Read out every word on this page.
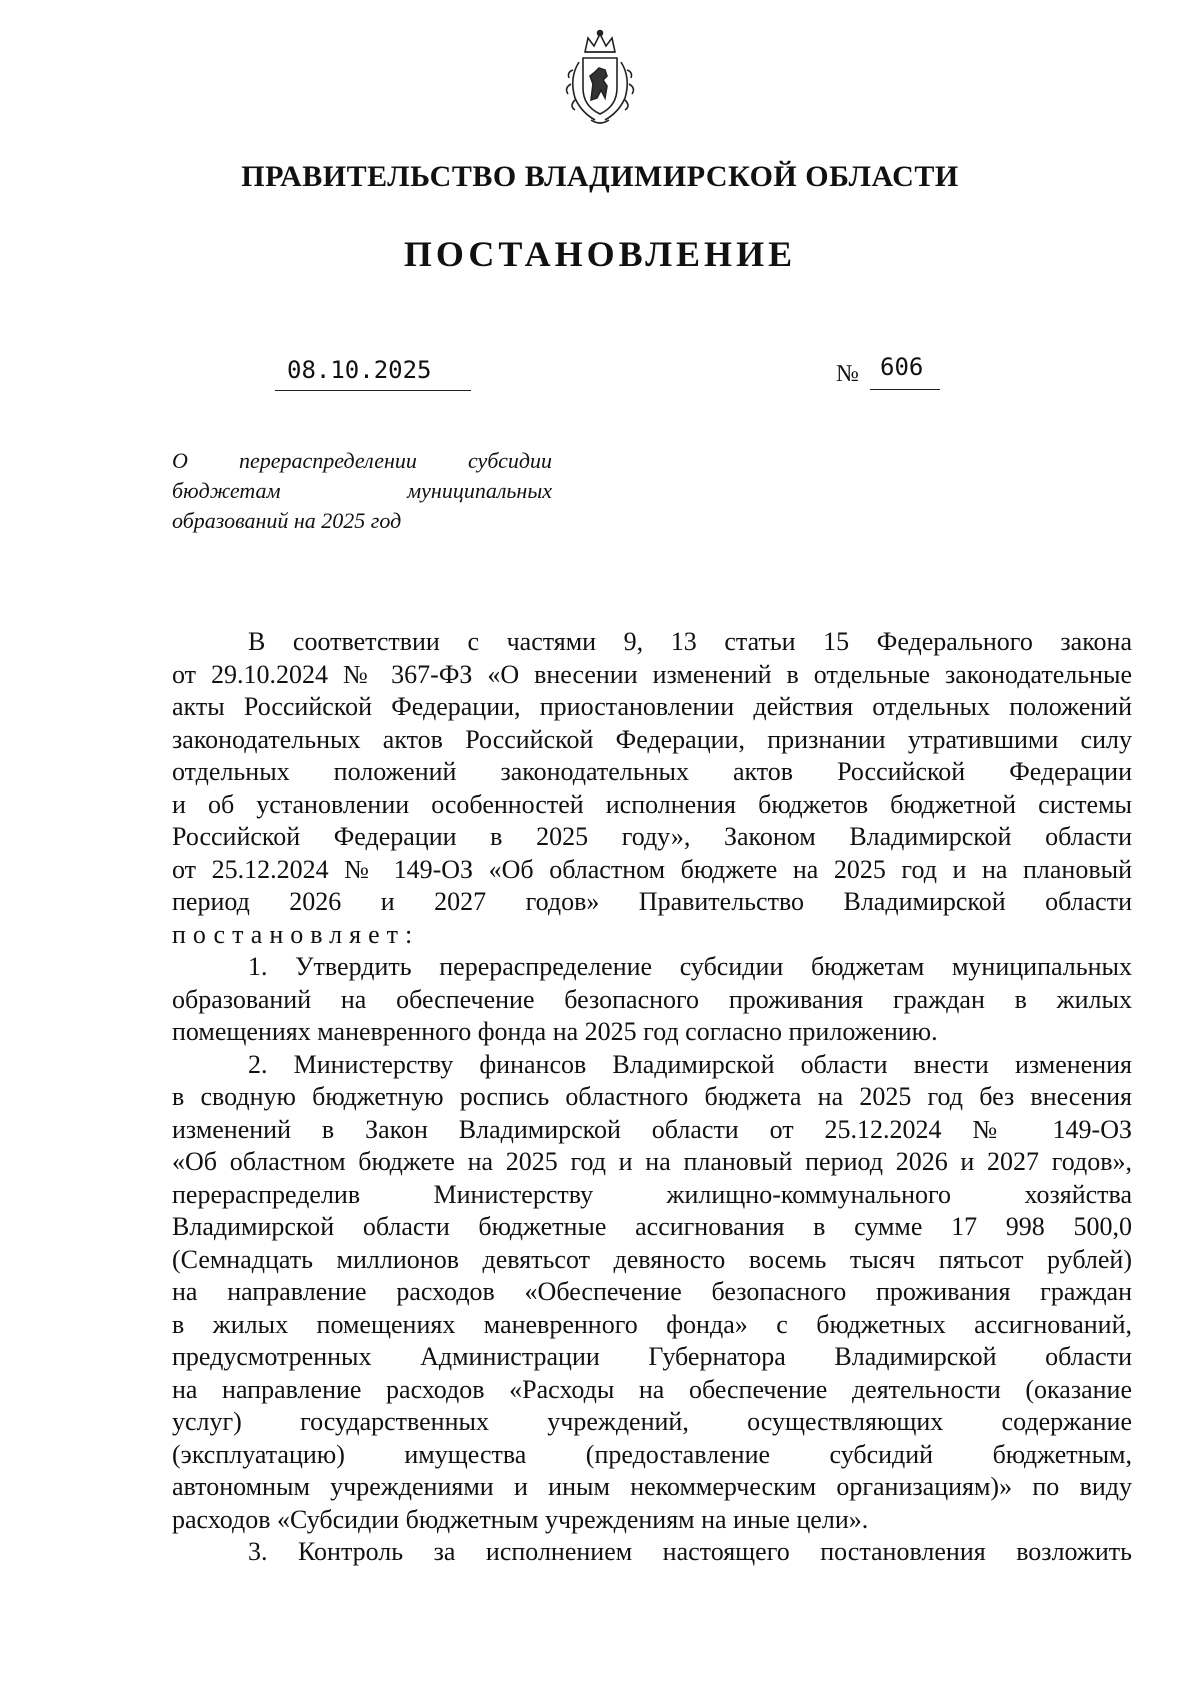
ПРАВИТЕЛЬСТВО ВЛАДИМИРСКОЙ ОБЛАСТИ
ПОСТАНОВЛЕНИЕ
08.10.2025	№ 606
О перераспределении субсидии
бюджетам муниципальных
образований на 2025 год
В соответствии с частями 9, 13 статьи 15 Федерального закона
от 29.10.2024 № 367-ФЗ «О внесении изменений в отдельные законодательные
акты Российской Федерации, приостановлении действия отдельных положений
законодательных актов Российской Федерации, признании утратившими силу
отдельных положений законодательных актов Российской Федерации
и об установлении особенностей исполнения бюджетов бюджетной системы
Российской Федерации в 2025 году», Законом Владимирской области
от 25.12.2024 № 149-ОЗ «Об областном бюджете на 2025 год и на плановый
период 2026 и 2027 годов» Правительство Владимирской области
постановляет:
1. Утвердить перераспределение субсидии бюджетам муниципальных
образований на обеспечение безопасного проживания граждан в жилых
помещениях маневренного фонда на 2025 год согласно приложению.
2. Министерству финансов Владимирской области внести изменения
в сводную бюджетную роспись областного бюджета на 2025 год без внесения
изменений в Закон Владимирской области от 25.12.2024 № 149-ОЗ
«Об областном бюджете на 2025 год и на плановый период 2026 и 2027 годов»,
перераспределив Министерству жилищно-коммунального хозяйства
Владимирской области бюджетные ассигнования в сумме 17 998 500,0
(Семнадцать миллионов девятьсот девяносто восемь тысяч пятьсот рублей)
на направление расходов «Обеспечение безопасного проживания граждан
в жилых помещениях маневренного фонда» с бюджетных ассигнований,
предусмотренных Администрации Губернатора Владимирской области
на направление расходов «Расходы на обеспечение деятельности (оказание
услуг) государственных учреждений, осуществляющих содержание
(эксплуатацию) имущества (предоставление субсидий бюджетным,
автономным учреждениями и иным некоммерческим организациям)» по виду
расходов «Субсидии бюджетным учреждениям на иные цели».
3. Контроль за исполнением настоящего постановления возложить
